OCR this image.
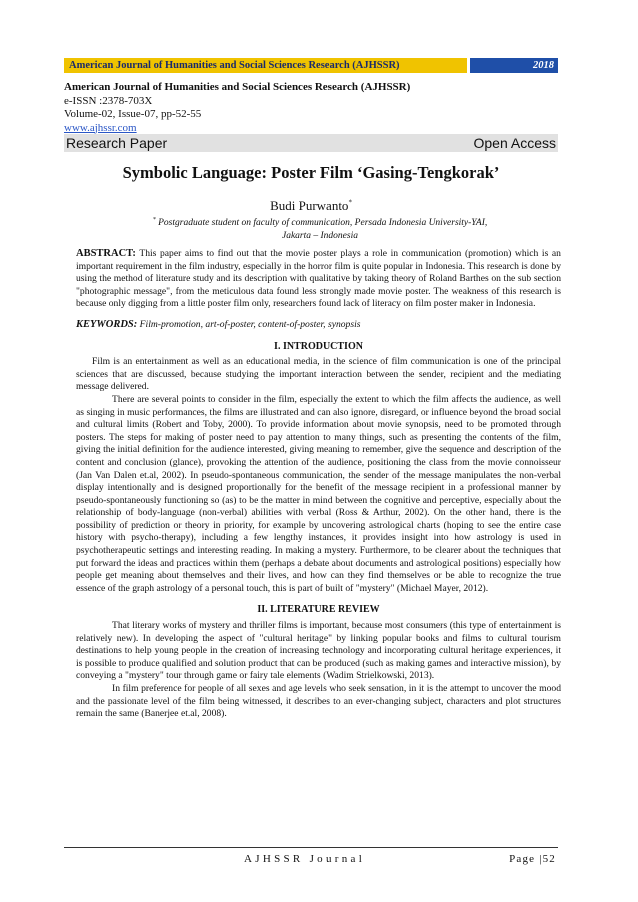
American Journal of Humanities and Social Sciences Research (AJHSSR)	2018
American Journal of Humanities and Social Sciences Research (AJHSSR)
e-ISSN :2378-703X
Volume-02, Issue-07, pp-52-55
www.ajhssr.com
Research Paper	Open Access
Symbolic Language: Poster Film ‘Gasing-Tengkorak’
Budi Purwanto*
* Postgraduate student on faculty of communication, Persada Indonesia University-YAI,
Jakarta – Indonesia

ABSTRACT: This paper aims to find out that the movie poster plays a role in communication (promotion) which is an important requirement in the film industry, especially in the horror film is quite popular in Indonesia. This research is done by using the method of literature study and its description with qualitative by taking theory of Roland Barthes on the sub section "photographic message", from the meticulous data found less strongly made movie poster. The weakness of this research is because only digging from a little poster film only, researchers found lack of literacy on film poster maker in Indonesia.

KEYWORDS: Film-promotion, art-of-poster, content-of-poster, synopsis

I. INTRODUCTION

Film is an entertainment as well as an educational media, in the science of film communication is one of the principal sciences that are discussed, because studying the important interaction between the sender, recipient and the mediating message delivered.

There are several points to consider in the film, especially the extent to which the film affects the audience, as well as singing in music performances, the films are illustrated and can also ignore, disregard, or influence beyond the broad social and cultural limits (Robert and Toby, 2000). To provide information about movie synopsis, need to be promoted through posters. The steps for making of poster need to pay attention to many things, such as presenting the contents of the film, giving the initial definition for the audience interested, giving meaning to remember, give the sequence and description of the content and conclusion (glance), provoking the attention of the audience, positioning the class from the movie connoisseur (Jan Van Dalen et.al, 2002). In pseudo-spontaneous communication, the sender of the message manipulates the non-verbal display intentionally and is designed proportionally for the benefit of the message recipient in a professional manner by pseudo-spontaneously functioning so (as) to be the matter in mind between the cognitive and perceptive, especially about the relationship of body-language (non-verbal) abilities with verbal (Ross & Arthur, 2002). On the other hand, there is the possibility of prediction or theory in priority, for example by uncovering astrological charts (hoping to see the entire case history with psycho-therapy), including a few lengthy instances, it provides insight into how astrology is used in psychotherapeutic settings and interesting reading. In making a mystery. Furthermore, to be clearer about the techniques that put forward the ideas and practices within them (perhaps a debate about documents and astrological positions) especially how people get meaning about themselves and their lives, and how can they find themselves or be able to recognize the true essence of the graph astrology of a personal touch, this is part of built of "mystery" (Michael Mayer, 2012).

II. LITERATURE REVIEW

That literary works of mystery and thriller films is important, because most consumers (this type of entertainment is relatively new). In developing the aspect of "cultural heritage" by linking popular books and films to cultural tourism destinations to help young people in the creation of increasing technology and incorporating cultural heritage experiences, it is possible to produce qualified and solution product that can be produced (such as making games and interactive mission), by conveying a "mystery" tour through game or fairy tale elements (Wadim Strielkowski, 2013).

In film preference for people of all sexes and age levels who seek sensation, in it is the attempt to uncover the mood and the passionate level of the film being witnessed, it describes to an ever-changing subject, characters and plot structures remain the same (Banerjee et.al, 2008).

AJHSSR Journal	Page |52
